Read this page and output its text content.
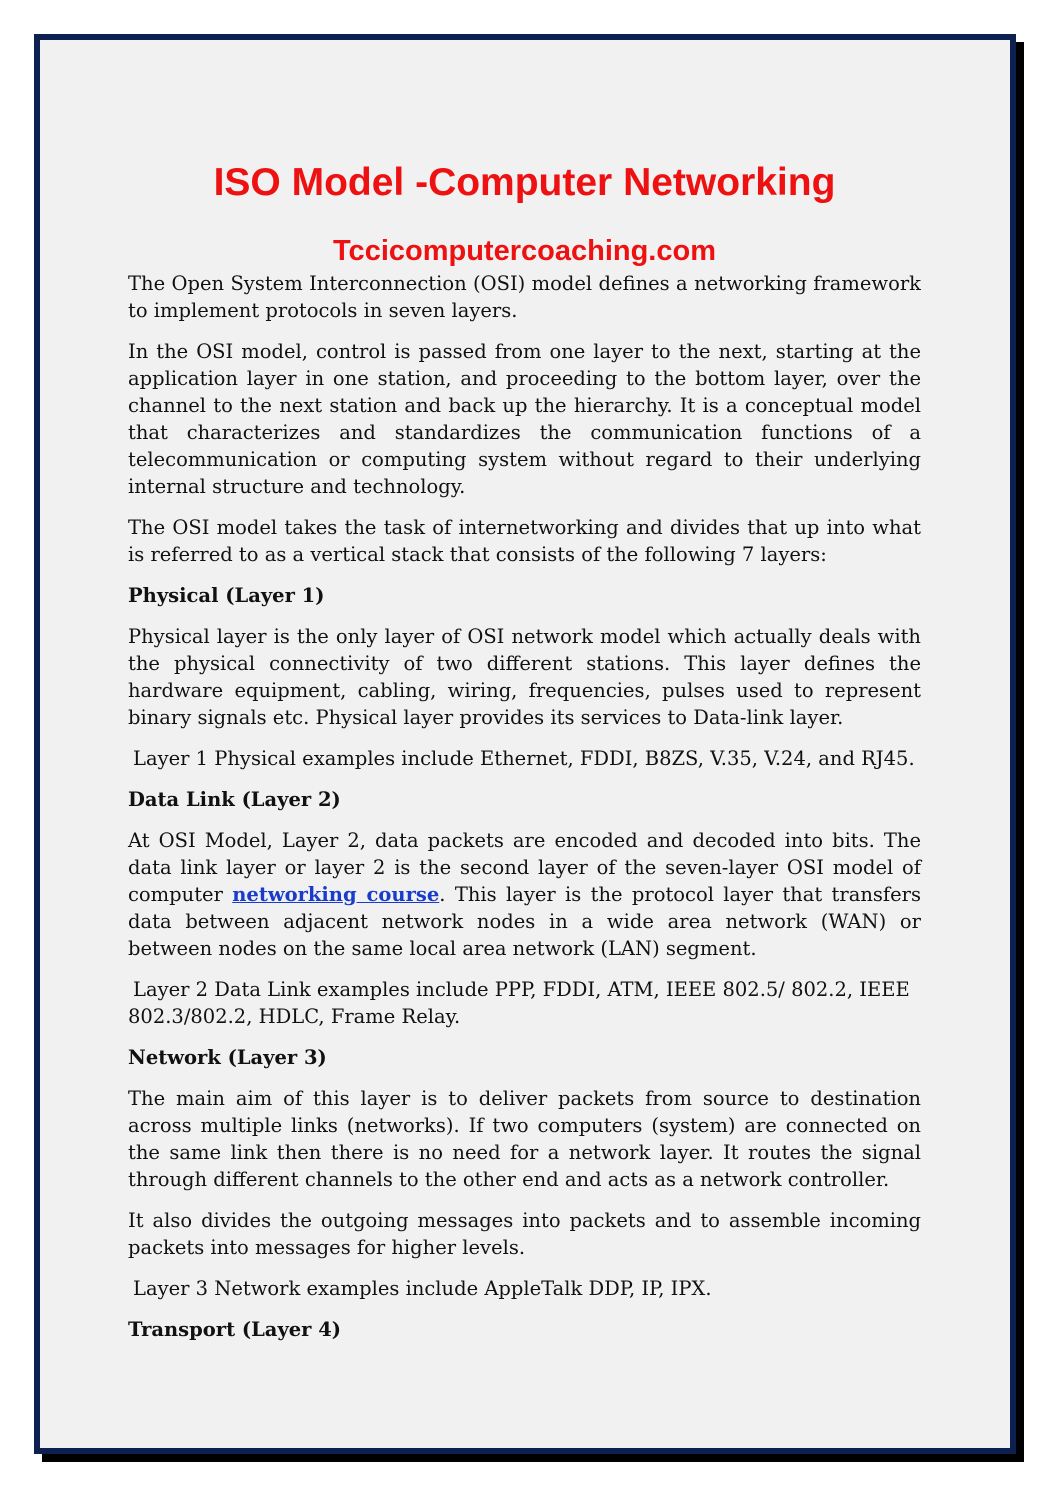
ISO Model -Computer Networking
Tccicomputercoaching.com

The Open System Interconnection (OSI) model defines a networking framework to implement protocols in seven layers.

In the OSI model, control is passed from one layer to the next, starting at the application layer in one station, and proceeding to the bottom layer, over the channel to the next station and back up the hierarchy. It is a conceptual model that characterizes and standardizes the communication functions of a telecommunication or computing system without regard to their underlying internal structure and technology.

The OSI model takes the task of internetworking and divides that up into what is referred to as a vertical stack that consists of the following 7 layers:

Physical (Layer 1)

Physical layer is the only layer of OSI network model which actually deals with the physical connectivity of two different stations. This layer defines the hardware equipment, cabling, wiring, frequencies, pulses used to represent binary signals etc. Physical layer provides its services to Data-link layer.

Layer 1 Physical examples include Ethernet, FDDI, B8ZS, V.35, V.24, and RJ45.

Data Link (Layer 2)

At OSI Model, Layer 2, data packets are encoded and decoded into bits. The data link layer or layer 2 is the second layer of the seven-layer OSI model of computer networking course. This layer is the protocol layer that transfers data between adjacent network nodes in a wide area network (WAN) or between nodes on the same local area network (LAN) segment.

Layer 2 Data Link examples include PPP, FDDI, ATM, IEEE 802.5/ 802.2, IEEE 802.3/802.2, HDLC, Frame Relay.

Network (Layer 3)

The main aim of this layer is to deliver packets from source to destination across multiple links (networks). If two computers (system) are connected on the same link then there is no need for a network layer. It routes the signal through different channels to the other end and acts as a network controller.

It also divides the outgoing messages into packets and to assemble incoming packets into messages for higher levels.

Layer 3 Network examples include AppleTalk DDP, IP, IPX.

Transport (Layer 4)
